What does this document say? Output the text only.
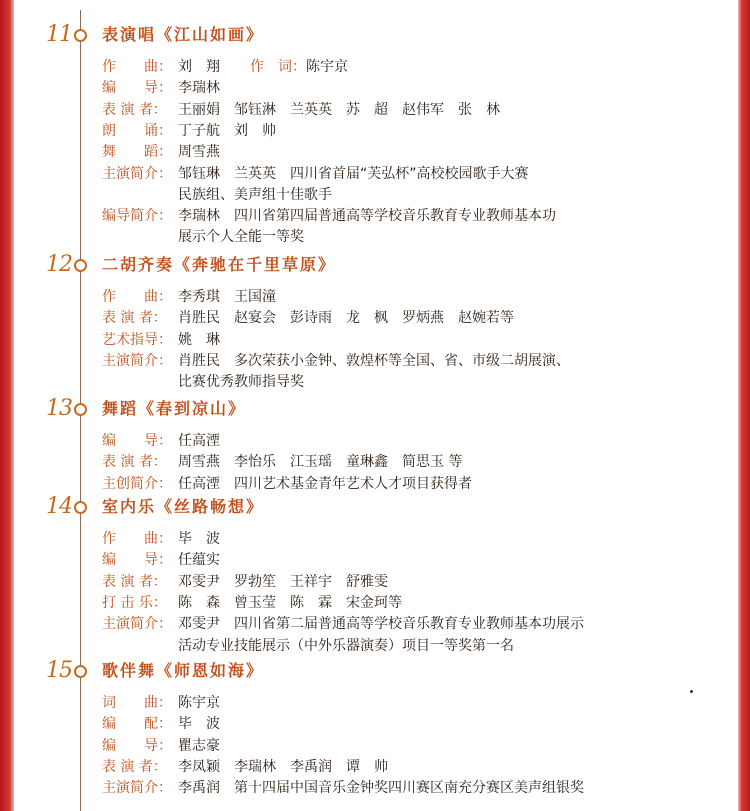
11 表演唱《江山如画》
作　　曲： 刘　翔 作　词：陈宇京
编　　导： 李瑞林
表 演 者： 王丽娟　邹钰淋　兰英英　苏　超　赵伟军　张　林
朗　　诵： 丁子航　刘　帅
舞　　蹈： 周雪燕
主演简介： 邹钰琳　兰英英　四川省首届“芙弘杯”高校校园歌手大赛
民族组、美声组十佳歌手
编导简介： 李瑞林　四川省第四届普通高等学校音乐教育专业教师基本功
展示个人全能一等奖
12 二胡齐奏《奔驰在千里草原》
作　　曲： 李秀琪　王国潼
表 演 者： 肖胜民　赵宴会　彭诗雨　龙　枫　罗炳燕　赵婉若等
艺术指导： 姚　琳
主演简介： 肖胜民　多次荣获小金钟、敦煌杯等全国、省、市级二胡展演、
比赛优秀教师指导奖
13 舞蹈《春到凉山》
编　　导： 任高湮
表 演 者： 周雪燕　李怡乐　江玉瑶　童琳鑫　简思玉 等
主创简介： 任高湮　四川艺术基金青年艺术人才项目获得者
14 室内乐《丝路畅想》
作　　曲： 毕　波
编　　导： 任蕴实
表 演 者： 邓雯尹　罗勃笙　王祥宇　舒雅雯
打 击 乐： 陈　森　曾玉莹　陈　霖　宋金珂等
主演简介： 邓雯尹　四川省第二届普通高等学校音乐教育专业教师基本功展示
活动专业技能展示（中外乐器演奏）项目一等奖第一名
15 歌伴舞《师恩如海》
词　　曲： 陈宇京
编　　配： 毕　波
编　　导： 瞿志豪
表 演 者： 李凤颖　李瑞林　李禹润　谭　帅
主演简介： 李禹润　第十四届中国音乐金钟奖四川赛区南充分赛区美声组银奖
